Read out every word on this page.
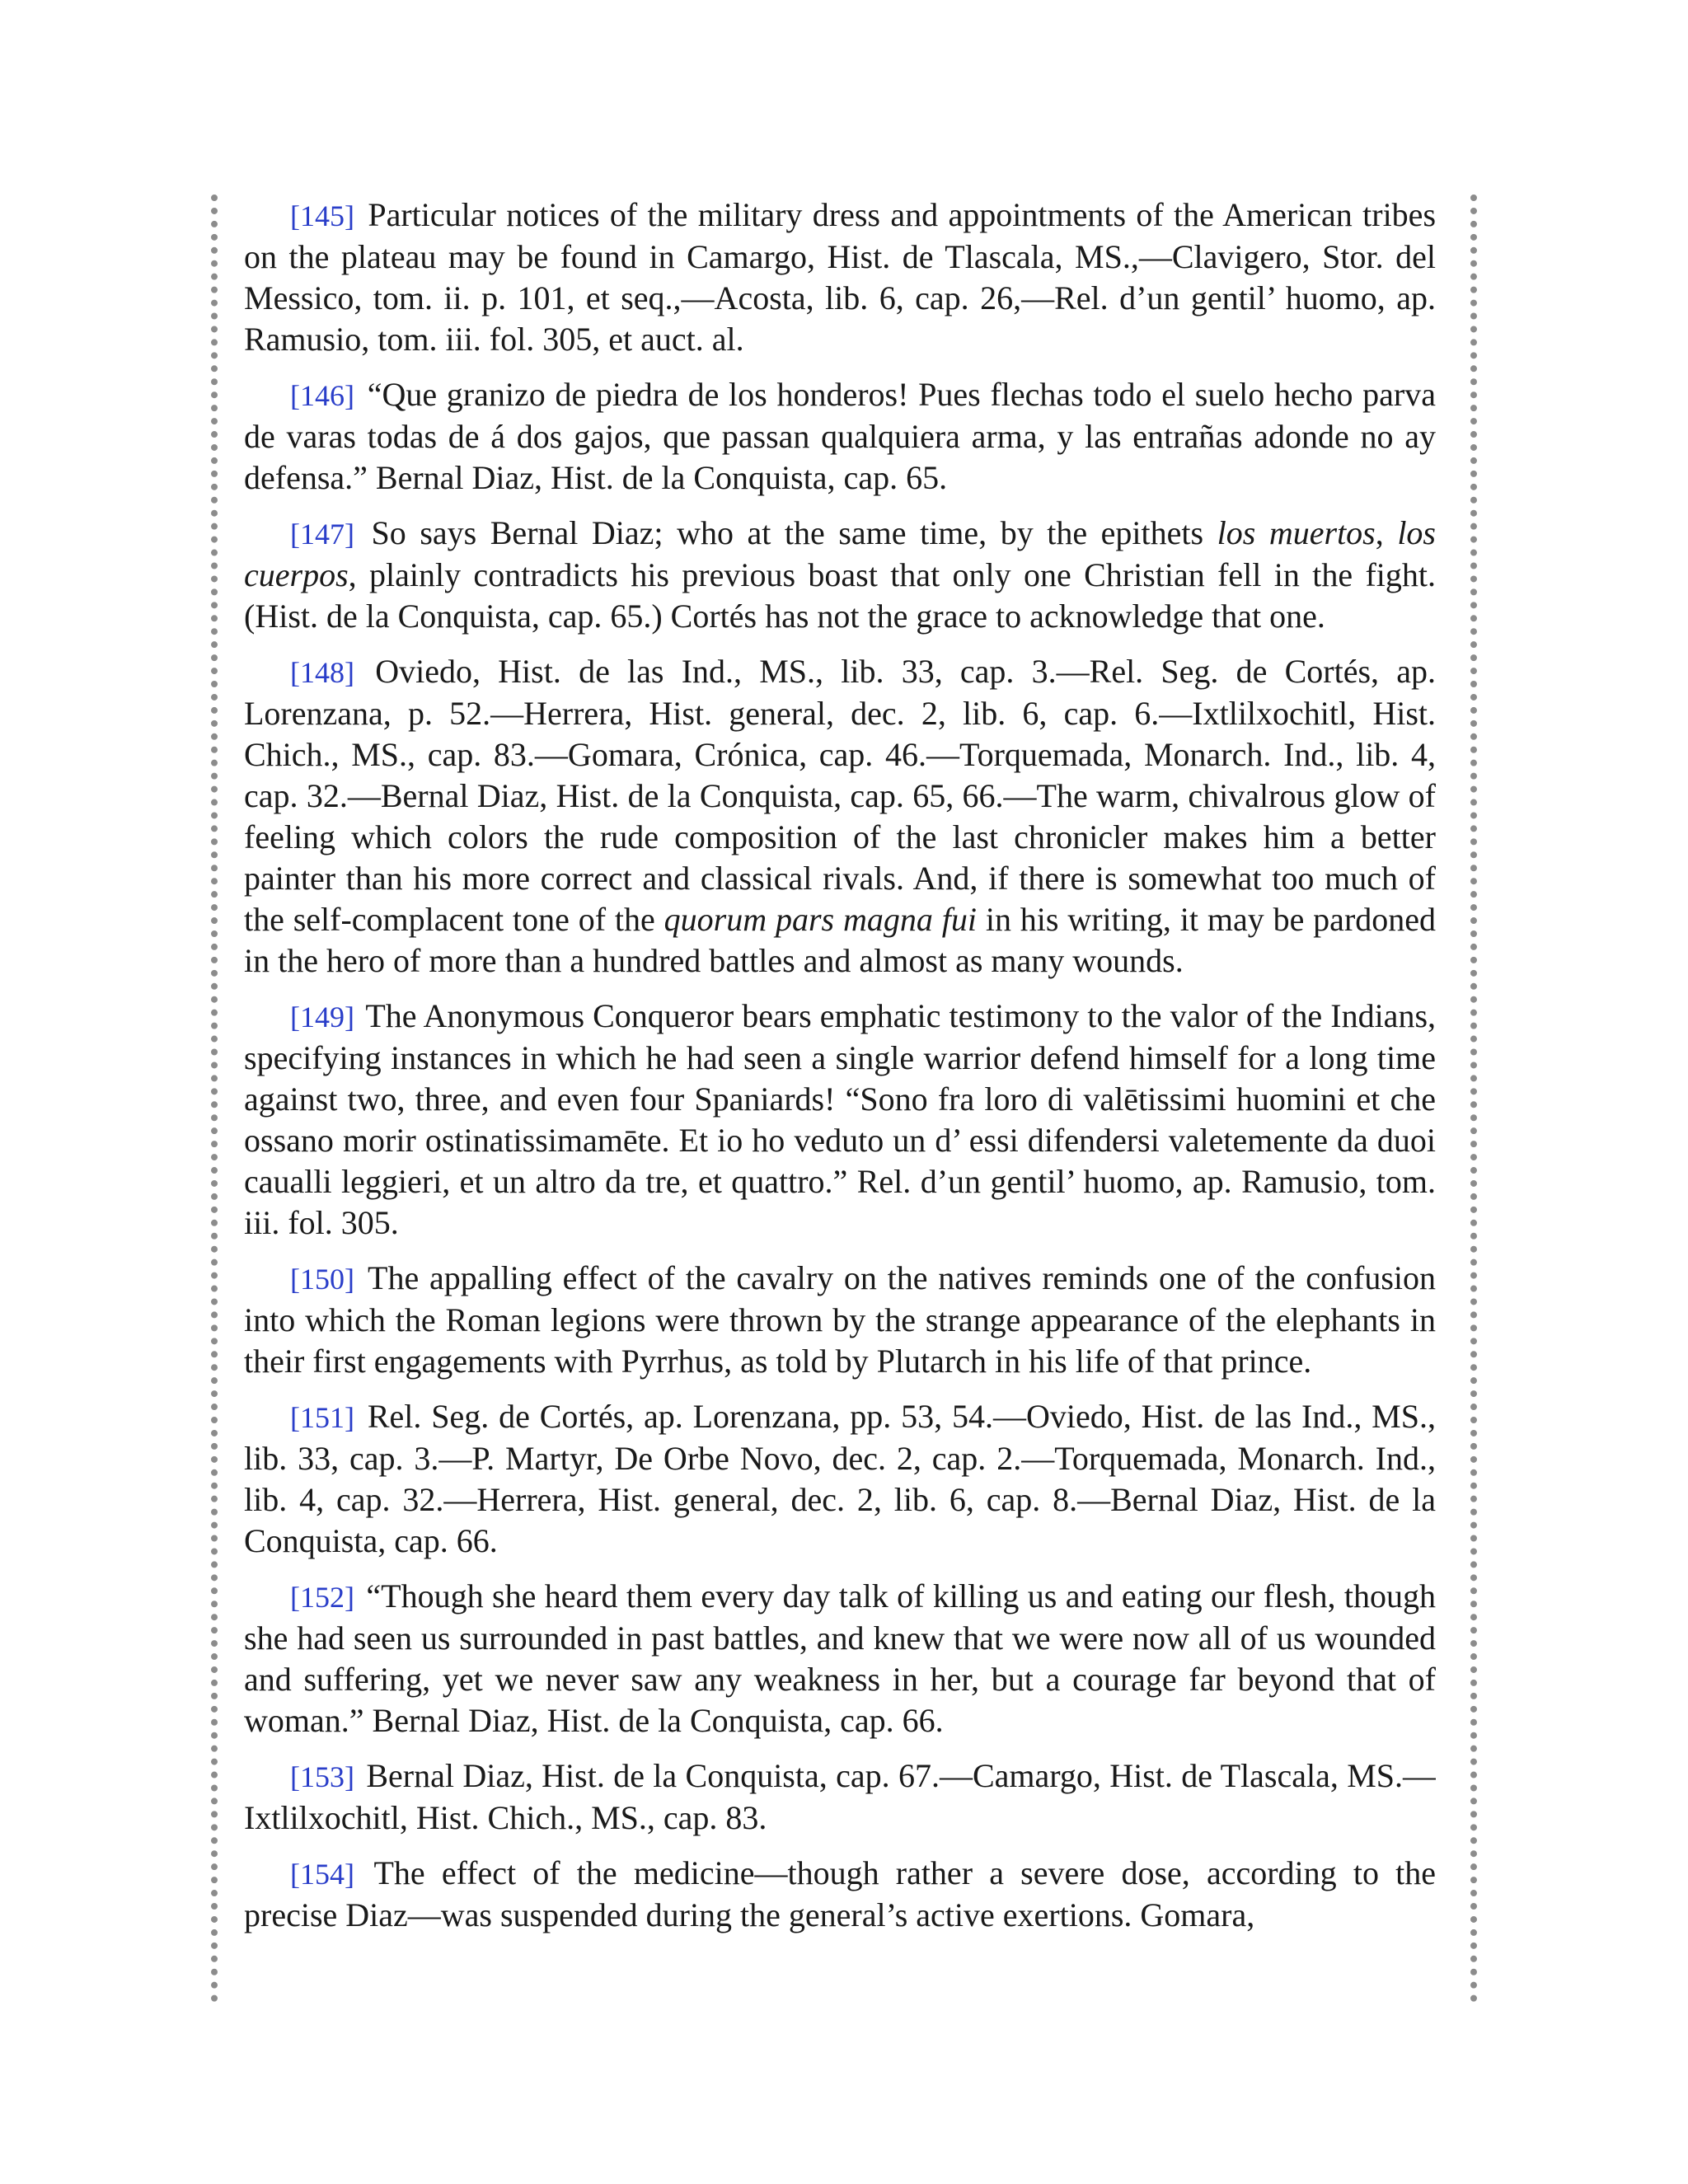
[145] Particular notices of the military dress and appointments of the American tribes on the plateau may be found in Camargo, Hist. de Tlascala, MS.,—Clavigero, Stor. del Messico, tom. ii. p. 101, et seq.,—Acosta, lib. 6, cap. 26,—Rel. d’un gentil’ huomo, ap. Ramusio, tom. iii. fol. 305, et auct. al.

[146] “Que granizo de piedra de los honderos! Pues flechas todo el suelo hecho parva de varas todas de á dos gajos, que passan qualquiera arma, y las entrañas adonde no ay defensa.” Bernal Diaz, Hist. de la Conquista, cap. 65.

[147] So says Bernal Diaz; who at the same time, by the epithets los muertos, los cuerpos, plainly contradicts his previous boast that only one Christian fell in the fight. (Hist. de la Conquista, cap. 65.) Cortés has not the grace to acknowledge that one.

[148] Oviedo, Hist. de las Ind., MS., lib. 33, cap. 3.—Rel. Seg. de Cortés, ap. Lorenzana, p. 52.—Herrera, Hist. general, dec. 2, lib. 6, cap. 6.—Ixtlilxochitl, Hist. Chich., MS., cap. 83.—Gomara, Crónica, cap. 46.—Torquemada, Monarch. Ind., lib. 4, cap. 32.—Bernal Diaz, Hist. de la Conquista, cap. 65, 66.—The warm, chivalrous glow of feeling which colors the rude composition of the last chronicler makes him a better painter than his more correct and classical rivals. And, if there is somewhat too much of the self-complacent tone of the quorum pars magna fui in his writing, it may be pardoned in the hero of more than a hundred battles and almost as many wounds.

[149] The Anonymous Conqueror bears emphatic testimony to the valor of the Indians, specifying instances in which he had seen a single warrior defend himself for a long time against two, three, and even four Spaniards! “Sono fra loro di valētissimi huomini et che ossano morir ostinatissimamēte. Et io ho veduto un d’ essi difendersi valetemente da duoi caualli leggieri, et un altro da tre, et quattro.” Rel. d’un gentil’ huomo, ap. Ramusio, tom. iii. fol. 305.

[150] The appalling effect of the cavalry on the natives reminds one of the confusion into which the Roman legions were thrown by the strange appearance of the elephants in their first engagements with Pyrrhus, as told by Plutarch in his life of that prince.

[151] Rel. Seg. de Cortés, ap. Lorenzana, pp. 53, 54.—Oviedo, Hist. de las Ind., MS., lib. 33, cap. 3.—P. Martyr, De Orbe Novo, dec. 2, cap. 2.—Torquemada, Monarch. Ind., lib. 4, cap. 32.—Herrera, Hist. general, dec. 2, lib. 6, cap. 8.—Bernal Diaz, Hist. de la Conquista, cap. 66.

[152] “Though she heard them every day talk of killing us and eating our flesh, though she had seen us surrounded in past battles, and knew that we were now all of us wounded and suffering, yet we never saw any weakness in her, but a courage far beyond that of woman.” Bernal Diaz, Hist. de la Conquista, cap. 66.

[153] Bernal Diaz, Hist. de la Conquista, cap. 67.—Camargo, Hist. de Tlascala, MS.—Ixtlilxochitl, Hist. Chich., MS., cap. 83.

[154] The effect of the medicine—though rather a severe dose, according to the precise Diaz—was suspended during the general’s active exertions. Gomara,
